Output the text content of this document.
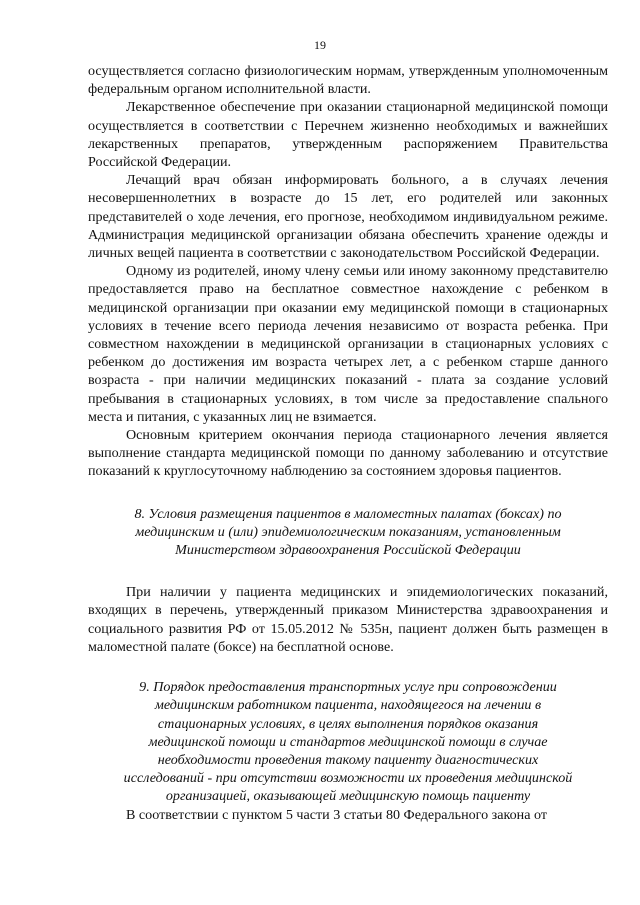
19

осуществляется согласно физиологическим нормам, утвержденным уполномоченным федеральным органом исполнительной власти.

Лекарственное обеспечение при оказании стационарной медицинской помощи осуществляется в соответствии с Перечнем жизненно необходимых и важнейших лекарственных препаратов, утвержденным распоряжением Правительства Российской Федерации.

Лечащий врач обязан информировать больного, а в случаях лечения несовершеннолетних в возрасте до 15 лет, его родителей или законных представителей о ходе лечения, его прогнозе, необходимом индивидуальном режиме. Администрация медицинской организации обязана обеспечить хранение одежды и личных вещей пациента в соответствии с законодательством Российской Федерации.

Одному из родителей, иному члену семьи или иному законному представителю предоставляется право на бесплатное совместное нахождение с ребенком в медицинской организации при оказании ему медицинской помощи в стационарных условиях в течение всего периода лечения независимо от возраста ребенка. При совместном нахождении в медицинской организации в стационарных условиях с ребенком до достижения им возраста четырех лет, а с ребенком старше данного возраста - при наличии медицинских показаний - плата за создание условий пребывания в стационарных условиях, в том числе за предоставление спального места и питания, с указанных лиц не взимается.

Основным критерием окончания периода стационарного лечения является выполнение стандарта медицинской помощи по данному заболеванию и отсутствие показаний к круглосуточному наблюдению за состоянием здоровья пациентов.

8. Условия размещения пациентов в маломестных палатах (боксах) по медицинским и (или) эпидемиологическим показаниям, установленным Министерством здравоохранения Российской Федерации

При наличии у пациента медицинских и эпидемиологических показаний, входящих в перечень, утвержденный приказом Министерства здравоохранения и социального развития РФ от 15.05.2012 № 535н, пациент должен быть размещен в маломестной палате (боксе) на бесплатной основе.

9. Порядок предоставления транспортных услуг при сопровождении медицинским работником пациента, находящегося на лечении в стационарных условиях, в целях выполнения порядков оказания медицинской помощи и стандартов медицинской помощи в случае необходимости проведения такому пациенту диагностических исследований - при отсутствии возможности их проведения медицинской организацией, оказывающей медицинскую помощь пациенту

В соответствии с пунктом 5 части 3 статьи 80 Федерального закона от
